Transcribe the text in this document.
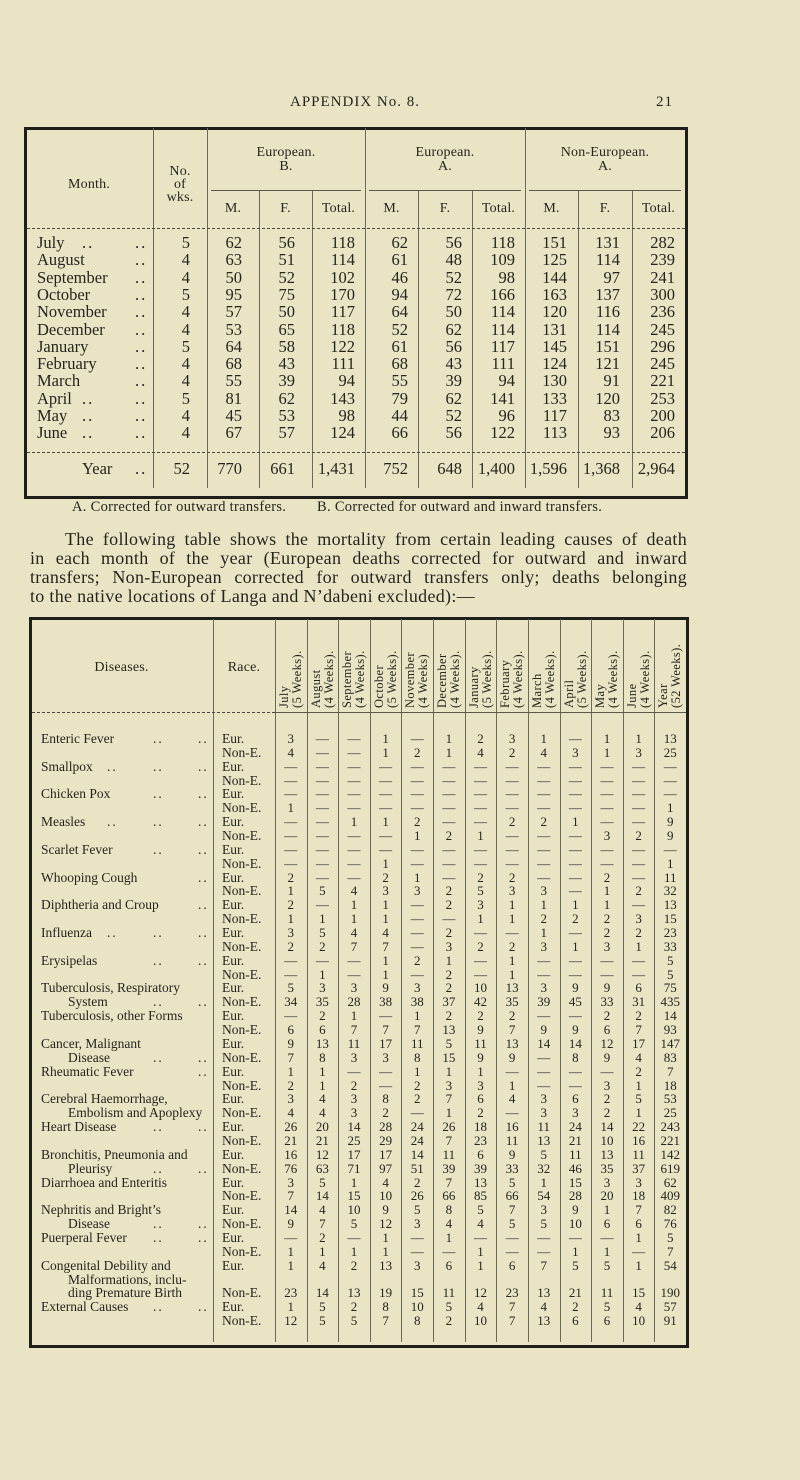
APPENDIX No. 8.	21
A. Corrected for outward transfers. B. Corrected for outward and inward transfers.
The following table shows the mortality from certain leading causes of death
in each month of the year (European deaths corrected for outward and inward
transfers; Non-European corrected for outward transfers only; deaths belonging
to the native locations of Langa and N’dabeni excluded):—
Month.
No.
of
wks.
European.
B.
European.
A.
Non-European.
A.
M.	F.	Total.	M.	F.	Total.	M.	F.	Total.
July .. ..	5	62	56	118	62	56	118	151	131	282
August	..	4	63	51	114	61	48	109	125	114	239
September ..	4	50	52	102	46	52	98	144	97	241
October	..	5	95	75	170	94	72	166	163	137	300
November ..	4	57	50	117	64	50	114	120	116	236
December ..	4	53	65	118	52	62	114	131	114	245
January	..	5	64	58	122	61	56	117	145	151	296
February ..	4	68	43	111	68	43	111	124	121	245
March	..	4	55	39	94	55	39	94	130	91	221
April .. ..	5	81	62	143	79	62	141	133	120	253
May .. ..	4	45	53	98	44	52	96	117	83	200
June .. ..	4	67	57	124	66	56	122	113	93	206
Year ..	52	770	661	1,431	752	648 1,400 1,596 1,368	2,964
Diseases.	Race.
July (5 Weeks). August (4 Weeks). September (4 Weeks). October (5 Weeks). November (4 Weeks) December (4 Weeks). January (5 Weeks). February (4 Weeks). March (4 Weeks). April (5 Weeks). May (4 Weeks). June (4 Weeks). Year (52 Weeks).
Enteric Fever	..	.. Eur.	3	—	—	1	—	1	2	3	1	—	1	1	13
Non-E.	4	—	—	1	2	1	4	2	4	3	1	3	25
Smallpox ..	..	.. Eur.	—	—	—	—	—	—	—	—	—	—	—	—	—
Non-E.	—	—	—	—	—	—	—	—	—	—	—	—	—
Chicken Pox	..	.. Eur.	—	—	—	—	—	—	—	—	—	—	—	—	—
Non-E.	1	—	—	—	—	—	—	—	—	—	—	—	1
Measles ..	..	.. Eur.	—	—	1	1	2	—	—	2	2	1	—	—	9
Non-E.	—	—	—	—	1	2	1	—	—	—	3	2	9
Scarlet Fever	..	.. Eur.	—	—	—	—	—	—	—	—	—	—	—	—	—
Non-E.	—	—	—	1	—	—	—	—	—	—	—	—	1
Whooping Cough	.. Eur.	2	—	—	2	1	—	2	2	—	—	2	—	11
Non-E.	1	5	4	3	3	2	5	3	3	—	1	2	32
Diphtheria and Croup	.. Eur.	2	—	1	1	—	2	3	1	1	1	1	—	13
Non-E.	1	1	1	1	—	—	1	1	2	2	2	3	15
Influenza ..	..	.. Eur.	3	5	4	4	—	2	—	—	1	—	2	2	23
Non-E.	2	2	7	7	—	3	2	2	3	1	3	1	33
Erysipelas	..	.. Eur.	—	—	—	1	2	1	—	1	—	—	—	—	5
Non-E.	—	1	—	1	—	2	—	1	—	—	—	—	5
Tuberculosis, Respiratory
System	..	..
Eur.	5	3	3	9	3	2	10	13	3	9	9	6	75
Non-E.	34	35	28	38	38	37	42	35	39	45	33	31	435
Tuberculosis, other Forms	Eur.	—	2	1	—	1	2	2	2	—	—	2	2	14
Non-E.	6	6	7	7	7	13	9	7	9	9	6	7	93
Cancer, Malignant
Disease	..	..
Eur.	9	13	11	17	11	5	11	13	14	14	12	17	147
Non-E.	7	8	3	3	8	15	9	9	—	8	9	4	83
Rheumatic Fever	.. Eur.	1	1	—	—	1	1	1	—	—	—	—	2	7
Non-E.	2	1	2	—	2	3	3	1	—	—	3	1	18
Cerebral Haemorrhage,
Embolism and Apoplexy
Eur.	3	4	3	8	2	7	6	4	3	6	2	5	53
Non-E.	4	4	3	2	—	1	2	—	3	3	2	1	25
Heart Disease	..	.. Eur.	26	20	14	28	24	26	18	16	11	24	14	22	243
Non-E.	21	21	25	29	24	7	23	11	13	21	10	16	221
Bronchitis, Pneumonia and
Pleurisy	..	..
Eur.	16	12	17	17	14	11	6	9	5	11	13	11	142
Non-E.	76	63	71	97	51	39	39	33	32	46	35	37	619
Diarrhoea and Enteritis	Eur.	3	5	1	4	2	7	13	5	1	15	3	3	62
Non-E.	7	14	15	10	26	66	85	66	54	28	20	18	409
Nephritis and Bright’s
Disease	..	..
Eur.	14	4	10	9	5	8	5	7	3	9	1	7	82
Non-E.	9	7	5	12	3	4	4	5	5	10	6	6	76
Puerperal Fever ..	.. Eur.	—	2	—	1	—	1	—	—	—	—	—	1	5
Non-E.	1	1	1	1	—	—	1	—	—	1	1	—	7
Congenital Debility and
Malformations, inclu-
ding Premature Birth
Eur.	1	4	2	13	3	6	1	6	7	5	5	1	54
Non-E.	23	14	13	19	15	11	12	23	13	21	11	15	190
External Causes ..	.. Eur.	1	5	2	8	10	5	4	7	4	2	5	4	57
Non-E.	12	5	5	7	8	2	10	7	13	6	6	10	91
